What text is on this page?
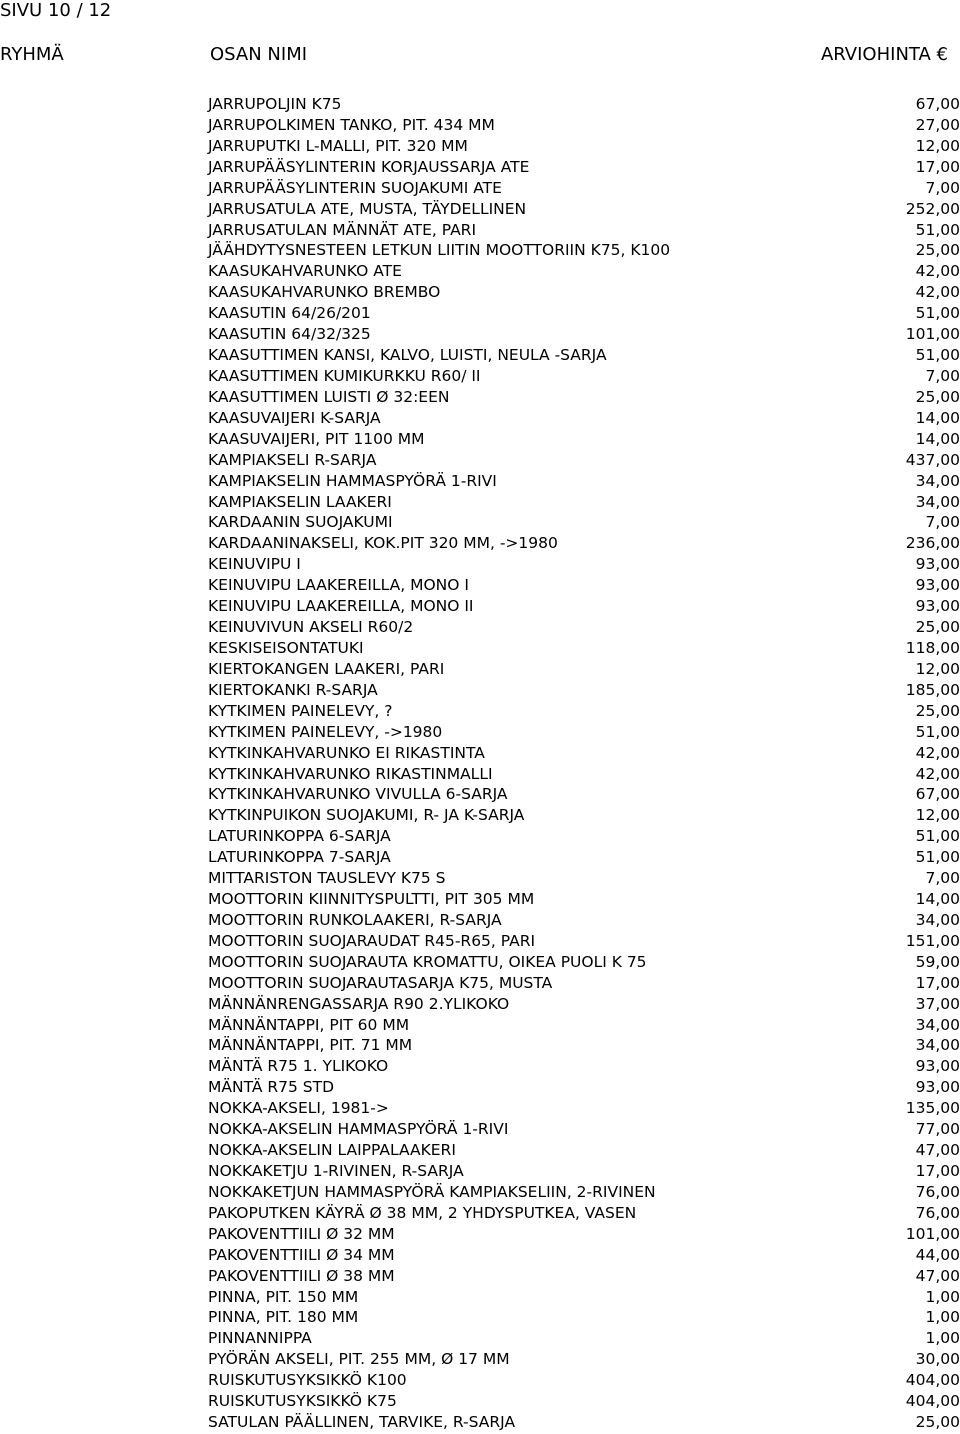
SIVU 10 / 12
RYHMÄ	OSAN NIMI	ARVIOHINTA €
JARRUPOLJIN K75	67,00
JARRUPOLKIMEN TANKO, PIT. 434 MM	27,00
JARRUPUTKI L-MALLI, PIT. 320 MM	12,00
JARRUPÄÄSYLINTERIN KORJAUSSARJA ATE	17,00
JARRUPÄÄSYLINTERIN SUOJAKUMI ATE	7,00
JARRUSATULA ATE, MUSTA, TÄYDELLINEN	252,00
JARRUSATULAN MÄNNÄT ATE, PARI	51,00
JÄÄHDYTYSNESTEEN LETKUN LIITIN MOOTTORIIN K75, K100	25,00
KAASUKAHVARUNKO ATE	42,00
KAASUKAHVARUNKO BREMBO	42,00
KAASUTIN 64/26/201	51,00
KAASUTIN 64/32/325	101,00
KAASUTTIMEN KANSI, KALVO, LUISTI, NEULA -SARJA	51,00
KAASUTTIMEN KUMIKURKKU R60/ II	7,00
KAASUTTIMEN LUISTI Ø 32:EEN	25,00
KAASUVAIJERI K-SARJA	14,00
KAASUVAIJERI, PIT 1100 MM	14,00
KAMPIAKSELI R-SARJA	437,00
KAMPIAKSELIN HAMMASPYÖRÄ 1-RIVI	34,00
KAMPIAKSELIN LAAKERI	34,00
KARDAANIN SUOJAKUMI	7,00
KARDAANINAKSELI, KOK.PIT 320 MM, ->1980	236,00
KEINUVIPU I	93,00
KEINUVIPU LAAKEREILLA, MONO I	93,00
KEINUVIPU LAAKEREILLA, MONO II	93,00
KEINUVIVUN AKSELI R60/2	25,00
KESKISEISONTATUKI	118,00
KIERTOKANGEN LAAKERI, PARI	12,00
KIERTOKANKI R-SARJA	185,00
KYTKIMEN PAINELEVY, ?	25,00
KYTKIMEN PAINELEVY, ->1980	51,00
KYTKINKAHVARUNKO EI RIKASTINTA	42,00
KYTKINKAHVARUNKO RIKASTINMALLI	42,00
KYTKINKAHVARUNKO VIVULLA 6-SARJA	67,00
KYTKINPUIKON SUOJAKUMI, R- JA K-SARJA	12,00
LATURINKOPPA 6-SARJA	51,00
LATURINKOPPA 7-SARJA	51,00
MITTARISTON TAUSLEVY K75 S	7,00
MOOTTORIN KIINNITYSPULTTI, PIT 305 MM	14,00
MOOTTORIN RUNKOLAAKERI, R-SARJA	34,00
MOOTTORIN SUOJARAUDAT R45-R65, PARI	151,00
MOOTTORIN SUOJARAUTA KROMATTU, OIKEA PUOLI K 75	59,00
MOOTTORIN SUOJARAUTASARJA K75, MUSTA	17,00
MÄNNÄNRENGASSARJA R90 2.YLIKOKO	37,00
MÄNNÄNTAPPI, PIT 60 MM	34,00
MÄNNÄNTAPPI, PIT. 71 MM	34,00
MÄNTÄ R75 1. YLIKOKO	93,00
MÄNTÄ R75 STD	93,00
NOKKA-AKSELI, 1981->	135,00
NOKKA-AKSELIN HAMMASPYÖRÄ 1-RIVI	77,00
NOKKA-AKSELIN LAIPPALAAKERI	47,00
NOKKAKETJU 1-RIVINEN, R-SARJA	17,00
NOKKAKETJUN HAMMASPYÖRÄ KAMPIAKSELIIN, 2-RIVINEN	76,00
PAKOPUTKEN KÄYRÄ Ø 38 MM, 2 YHDYSPUTKEA, VASEN	76,00
PAKOVENTTIILI Ø 32 MM	101,00
PAKOVENTTIILI Ø 34 MM	44,00
PAKOVENTTIILI Ø 38 MM	47,00
PINNA, PIT. 150 MM	1,00
PINNA, PIT. 180 MM	1,00
PINNANNIPPA	1,00
PYÖRÄN AKSELI, PIT. 255 MM, Ø 17 MM	30,00
RUISKUTUSYKSIKKÖ K100	404,00
RUISKUTUSYKSIKKÖ K75	404,00
SATULAN PÄÄLLINEN, TARVIKE, R-SARJA	25,00
